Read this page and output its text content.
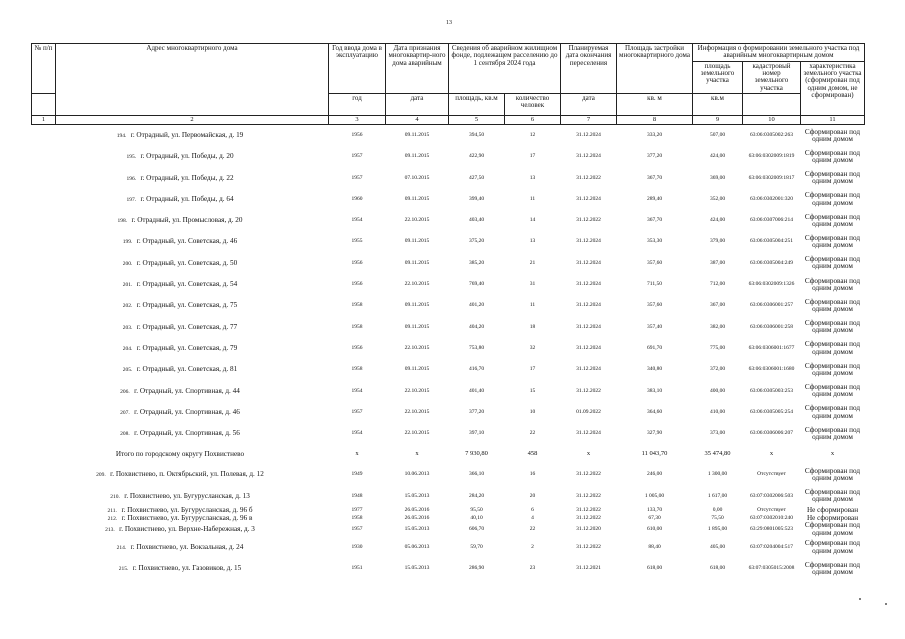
13
№ п/п	Адрес многоквартирного дома	Год ввода дома в эксплуатацию	Дата признания многоквартир-ного дома аварийным	Сведения об аварийном жилищном фонде, подлежащем расселению до 1 сентября 2024 года		Планируемая дата окончания переселения	Площадь застройки многоквартирного дома	Информация о формировании земельного участка под аварийным многоквартирным домом		
								площадь земельного участка	кадастровый номер земельного участка	характеристика земельного участка (сформирован под одним домом, не сформирован)
		год	дата	площадь, кв.м	количество человек	дата	кв. м	кв.м		
1	2	3	4	5	6	7	8	9	10	11
194. г. Отрадный, ул. Первомайская, д. 19		1956	09.11.2015	394,50	12	31.12.2024	333,20	507,00	63:06:0305002:263	Сформирован под одним домом
195. г. Отрадный, ул. Победы, д. 20		1957	09.11.2015	422,90	17	31.12.2024	377,20	424,00	63:06:0302009:1819	Сформирован под одним домом
196. г. Отрадный, ул. Победы, д. 22		1957	07.10.2015	427,50	13	31.12.2022	367,70	369,00	63:06:0302009:1817	Сформирован под одним домом
197. г. Отрадный, ул. Победы, д. 64		1960	09.11.2015	399,40	11	31.12.2024	289,40	352,00	63:06:0302001:320	Сформирован под одним домом
198. г. Отрадный, ул. Промысловая, д. 20		1954	22.10.2015	403,40	14	31.12.2022	367,70	424,00	63:06:0307006:214	Сформирован под одним домом
199. г. Отрадный, ул. Советская, д. 46		1955	09.11.2015	375,20	13	31.12.2024	353,30	379,00	63:06:0305004:251	Сформирован под одним домом
200. г. Отрадный, ул. Советская, д. 50		1956	09.11.2015	385,20	21	31.12.2024	357,60	387,00	63:06:0305004:249	Сформирован под одним домом
201. г. Отрадный, ул. Советская, д. 54		1956	22.10.2015	769,40	31	31.12.2024	711,50	712,00	63:06:0302009:1326	Сформирован под одним домом
202. г. Отрадный, ул. Советская, д. 75		1958	09.11.2015	401,20	11	31.12.2024	357,60	367,00	63:06:0306001:257	Сформирован под одним домом
203. г. Отрадный, ул. Советская, д. 77		1958	09.11.2015	404,20	18	31.12.2024	357,40	382,00	63:06:0306001:258	Сформирован под одним домом
204. г. Отрадный, ул. Советская, д. 79		1956	22.10.2015	753,80	32	31.12.2024	691,70	775,00	63:06:0306001:1677	Сформирован под одним домом
205. г. Отрадный, ул. Советская, д. 81		1958	09.11.2015	416,70	17	31.12.2024	340,80	372,00	63:06:0306001:1680	Сформирован под одним домом
206. г. Отрадный, ул. Спортивная, д. 44		1954	22.10.2015	401,40	15	31.12.2022	383,10	400,00	63:06:0305003:253	Сформирован под одним домом
207. г. Отрадный, ул. Спортивная, д. 46		1957	22.10.2015	377,20	10	01.09.2022	364,60	410,00	63:06:0305005:254	Сформирован под одним домом
208. г. Отрадный, ул. Спортивная, д. 56		1954	22.10.2015	397,10	22	31.12.2024	327,90	373,00	63:06:0306006:207	Сформирован под одним домом
Итого по городскому округу Похвистнево		х	х	7 930,80	458	х	11 043,70	35 474,80	х	х
209. г. Похвистнево, п. Октябрьский, ул. Полевая, д. 12		1949	10.06.2013	366,10	16	31.12.2022	246,00	1 300,00	Отсутствует	Сформирован под одним домом
210. г. Похвистнево, ул. Бугурусланская, д. 13		1948	15.05.2013	284,20	20	31.12.2022	1 005,00	1 617,00	63:07:0302006:503	Сформирован под одним домом
211. г. Похвистнево, ул. Бугурусланская, д. 96 б		1977	26.05.2016	95,50	6	31.12.2022	133,70	0,00	Отсутствует	Не сформирован
212. г. Похвистнево, ул. Бугурусланская, д. 96 в		1958	26.05.2016	40,10	4	31.12.2022	67,30	75,50	63:07:0302010:240	Не сформирован
213. г. Похвистнево, ул. Верхне-Набережная, д. 3		1957	15.05.2013	606,70	22	31.12.2020	610,00	1 895,00	63:29:0801005:523	Сформирован под одним домом
214. г. Похвистнево, ул. Вокзальная, д. 24		1930	05.06.2013	59,70	2	31.12.2022	88,40	405,00	63:07:0204004:517	Сформирован под одним домом
215. г. Похвистнево, ул. Газовиков, д. 15		1951	15.05.2013	286,90	23	31.12.2021	618,00	618,00	63:07:0305015:2008	Сформирован под одним домом
